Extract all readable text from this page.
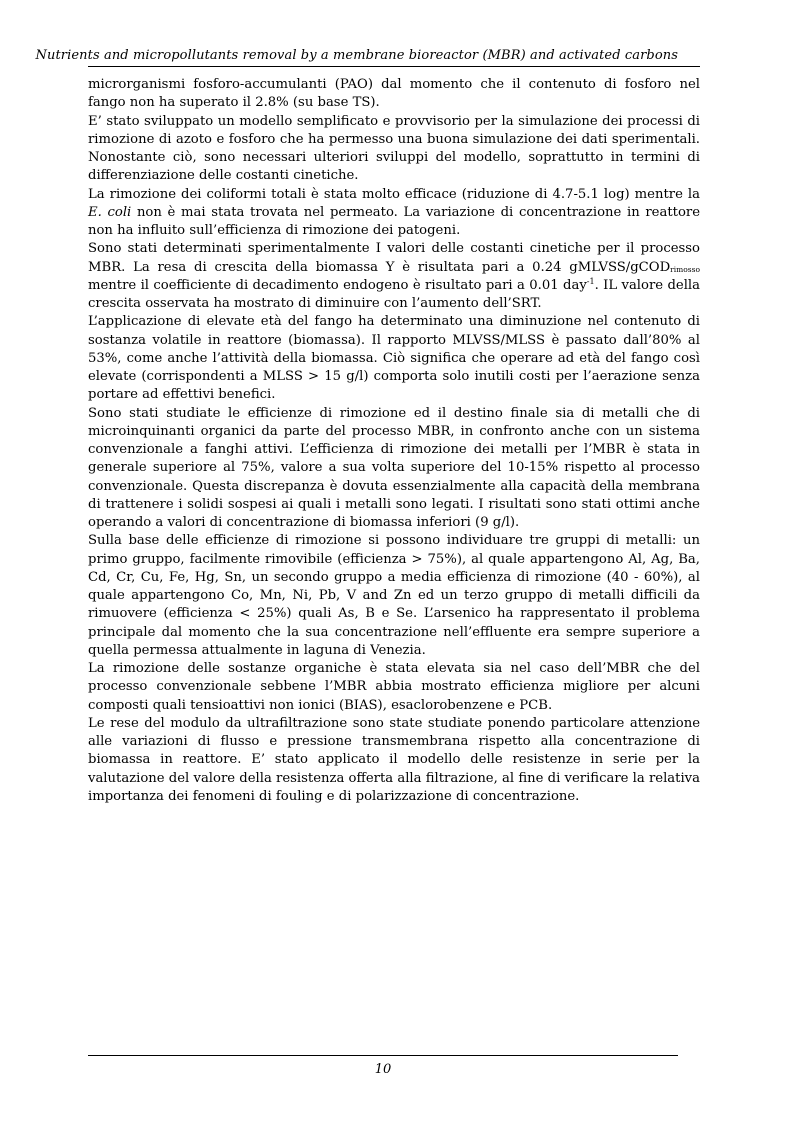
Nutrients and micropollutants removal by a membrane bioreactor (MBR) and activated carbons

microrganismi fosforo-accumulanti (PAO) dal momento che il contenuto di fosforo nel fango non ha superato il 2.8% (su base TS).

E’ stato sviluppato un modello semplificato e provvisorio per la simulazione dei processi di rimozione di azoto e fosforo che ha permesso una buona simulazione dei dati sperimentali. Nonostante ciò, sono necessari ulteriori sviluppi del modello, soprattutto in termini di differenziazione delle costanti cinetiche.

La rimozione dei coliformi totali è stata molto efficace (riduzione di 4.7-5.1 log) mentre la E. coli non è mai stata trovata nel permeato. La variazione di concentrazione in reattore non ha influito sull’efficienza di rimozione dei patogeni.

Sono stati determinati sperimentalmente I valori delle costanti cinetiche per il processo MBR. La resa di crescita della biomassa Y è risultata pari a 0.24 gMLVSS/gCOD$_{rimosso}$ mentre il coefficiente di decadimento endogeno è risultato pari a 0.01 day$^{-1}$. IL valore della crescita osservata ha mostrato di diminuire con l’aumento dell’SRT.

L’applicazione di elevate età del fango ha determinato una diminuzione nel contenuto di sostanza volatile in reattore (biomassa). Il rapporto MLVSS/MLSS è passato dall’80% al 53%, come anche l’attività della biomassa. Ciò significa che operare ad età del fango così elevate (corrispondenti a MLSS > 15 g/l) comporta solo inutili costi per l’aerazione senza portare ad effettivi benefici.

Sono stati studiate le efficienze di rimozione ed il destino finale sia di metalli che di microinquinanti organici da parte del processo MBR, in confronto anche con un sistema convenzionale a fanghi attivi. L’efficienza di rimozione dei metalli per l’MBR è stata in generale superiore al 75%, valore a sua volta superiore del 10-15% rispetto al processo convenzionale. Questa discrepanza è dovuta essenzialmente alla capacità della membrana di trattenere i solidi sospesi ai quali i metalli sono legati. I risultati sono stati ottimi anche operando a valori di concentrazione di biomassa inferiori (9 g/l).

Sulla base delle efficienze di rimozione si possono individuare tre gruppi di metalli: un primo gruppo, facilmente rimovibile (efficienza > 75%), al quale appartengono Al, Ag, Ba, Cd, Cr, Cu, Fe, Hg, Sn, un secondo gruppo a media efficienza di rimozione (40 - 60%), al quale appartengono Co, Mn, Ni, Pb, V and Zn ed un terzo gruppo di metalli difficili da rimuovere (efficienza < 25%) quali As, B e Se. L’arsenico ha rappresentato il problema principale dal momento che la sua concentrazione nell’effluente era sempre superiore a quella permessa attualmente in laguna di Venezia.

La rimozione delle sostanze organiche è stata elevata sia nel caso dell’MBR che del processo convenzionale sebbene l’MBR abbia mostrato efficienza migliore per alcuni composti quali tensioattivi non ionici (BIAS), esaclorobenzene e PCB.

Le rese del modulo da ultrafiltrazione sono state studiate ponendo particolare attenzione alle variazioni di flusso e pressione transmembrana rispetto alla concentrazione di biomassa in reattore. E’ stato applicato il modello delle resistenze in serie per la valutazione del valore della resistenza offerta alla filtrazione, al fine di verificare la relativa importanza dei fenomeni di fouling e di polarizzazione di concentrazione.

10
